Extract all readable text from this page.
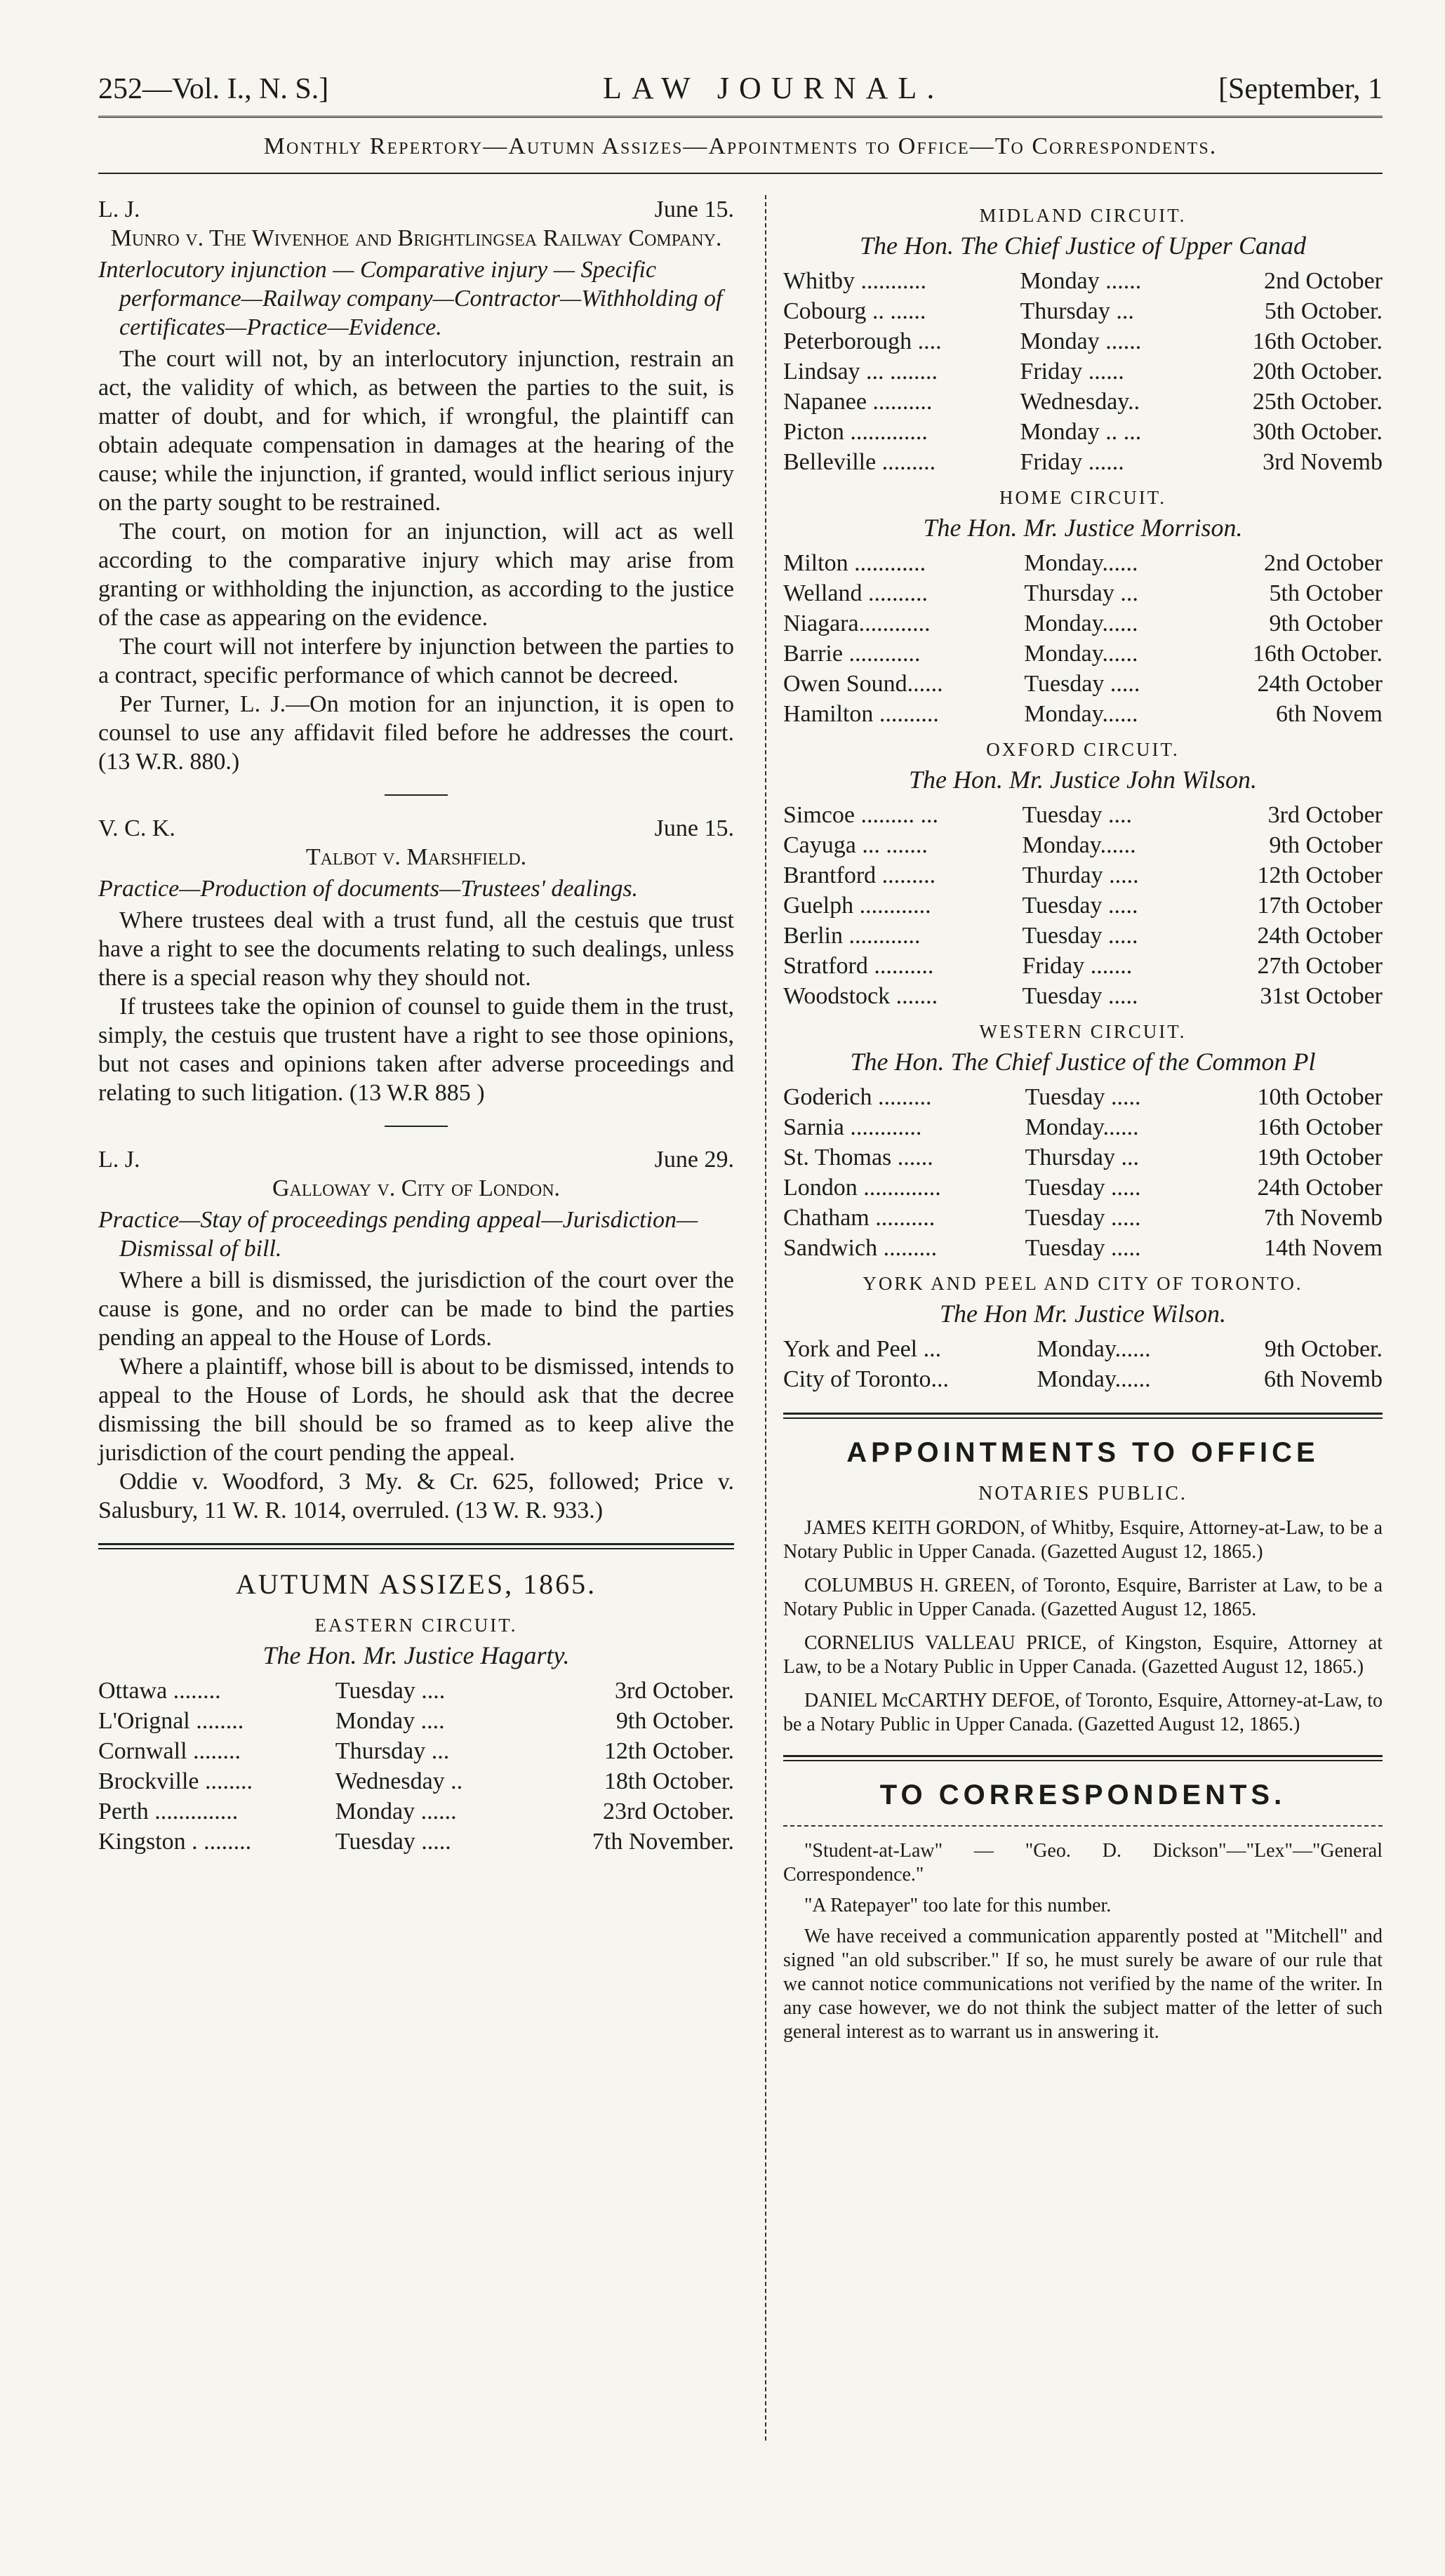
252—Vol. I., N. S.]	LAW JOURNAL.	[September, 1
Monthly Repertory—Autumn Assizes—Appointments to Office—To Correspondents.
L. J.	June 15.
Munro v. The Wivenhoe and Brightlingsea Railway Company.
Interlocutory injunction — Comparative injury — Specific performance—Railway company—Contractor—Withholding of certificates—Practice—Evidence.

The court will not, by an interlocutory injunction, restrain an act, the validity of which, as between the parties to the suit, is matter of doubt, and for which, if wrongful, the plaintiff can obtain adequate compensation in damages at the hearing of the cause; while the injunction, if granted, would inflict serious injury on the party sought to be restrained.

The court, on motion for an injunction, will act as well according to the comparative injury which may arise from granting or withholding the injunction, as according to the justice of the case as appearing on the evidence.

The court will not interfere by injunction between the parties to a contract, specific performance of which cannot be decreed.

Per Turner, L. J.—On motion for an injunction, it is open to counsel to use any affidavit filed before he addresses the court. (13 W.R. 880.)

V. C. K.	June 15.
Talbot v. Marshfield.
Practice—Production of documents—Trustees' dealings.

Where trustees deal with a trust fund, all the cestuis que trust have a right to see the documents relating to such dealings, unless there is a special reason why they should not.

If trustees take the opinion of counsel to guide them in the trust, simply, the cestuis que trustent have a right to see those opinions, but not cases and opinions taken after adverse proceedings and relating to such litigation. (13 W.R 885 )

L. J.	June 29.
Galloway v. City of London.
Practice—Stay of proceedings pending appeal—Jurisdiction—Dismissal of bill.

Where a bill is dismissed, the jurisdiction of the court over the cause is gone, and no order can be made to bind the parties pending an appeal to the House of Lords.

Where a plaintiff, whose bill is about to be dismissed, intends to appeal to the House of Lords, he should ask that the decree dismissing the bill should be so framed as to keep alive the jurisdiction of the court pending the appeal.

Oddie v. Woodford, 3 My. & Cr. 625, followed; Price v. Salusbury, 11 W. R. 1014, overruled. (13 W. R. 933.)

AUTUMN ASSIZES, 1865.
EASTERN CIRCUIT.
The Hon. Mr. Justice Hagarty.
Ottawa ........	Tuesday ....	3rd October.
L'Orignal ........	Monday ....	9th October.
Cornwall ........	Thursday ...	12th October.
Brockville ........	Wednesday ..	18th October.
Perth ..............	Monday ......	23rd October.
Kingston . ........	Tuesday .....	7th November.
MIDLAND CIRCUIT.
The Hon. The Chief Justice of Upper Canad
Whitby ...........	Monday ......	2nd October
Cobourg .. ......	Thursday ...	5th October.
Peterborough ....	Monday ......	16th October.
Lindsay ... ........	Friday ......	20th October.
Napanee ..........	Wednesday..	25th October.
Picton .............	Monday .. ...	30th October.
Belleville .........	Friday ......	3rd Novemb
HOME CIRCUIT.
The Hon. Mr. Justice Morrison.
Milton ............	Monday......	2nd October
Welland ..........	Thursday ...	5th October
Niagara............	Monday......	9th October
Barrie ............	Monday......	16th October.
Owen Sound......	Tuesday .....	24th October
Hamilton ..........	Monday......	6th Novem
OXFORD CIRCUIT.
The Hon. Mr. Justice John Wilson.
Simcoe ......... ...	Tuesday ....	3rd October
Cayuga ... .......	Monday......	9th October
Brantford .........	Thurday .....	12th October
Guelph ............	Tuesday .....	17th October
Berlin ............	Tuesday .....	24th October
Stratford ..........	Friday .......	27th October
Woodstock .......	Tuesday .....	31st October
WESTERN CIRCUIT.
The Hon. The Chief Justice of the Common Pl
Goderich .........	Tuesday .....	10th October
Sarnia ............	Monday......	16th October
St. Thomas ......	Thursday ...	19th October
London .............	Tuesday .....	24th October
Chatham ..........	Tuesday .....	7th Novemb
Sandwich .........	Tuesday .....	14th Novem
YORK AND PEEL AND CITY OF TORONTO.
The Hon Mr. Justice Wilson.
York and Peel ...	Monday......	9th October.
City of Toronto...	Monday......	6th Novemb
APPOINTMENTS TO OFFICE
NOTARIES PUBLIC.

JAMES KEITH GORDON, of Whitby, Esquire, Attorney-at-Law, to be a Notary Public in Upper Canada. (Gazetted August 12, 1865.)

COLUMBUS H. GREEN, of Toronto, Esquire, Barrister at Law, to be a Notary Public in Upper Canada. (Gazetted August 12, 1865.

CORNELIUS VALLEAU PRICE, of Kingston, Esquire, Attorney at Law, to be a Notary Public in Upper Canada. (Gazetted August 12, 1865.)

DANIEL McCARTHY DEFOE, of Toronto, Esquire, Attorney-at-Law, to be a Notary Public in Upper Canada. (Gazetted August 12, 1865.)

TO CORRESPONDENTS.

"Student-at-Law" — "Geo. D. Dickson"—"Lex"—"General Correspondence."

"A Ratepayer" too late for this number.

We have received a communication apparently posted at "Mitchell" and signed "an old subscriber." If so, he must surely be aware of our rule that we cannot notice communications not verified by the name of the writer. In any case however, we do not think the subject matter of the letter of such general interest as to warrant us in answering it.
